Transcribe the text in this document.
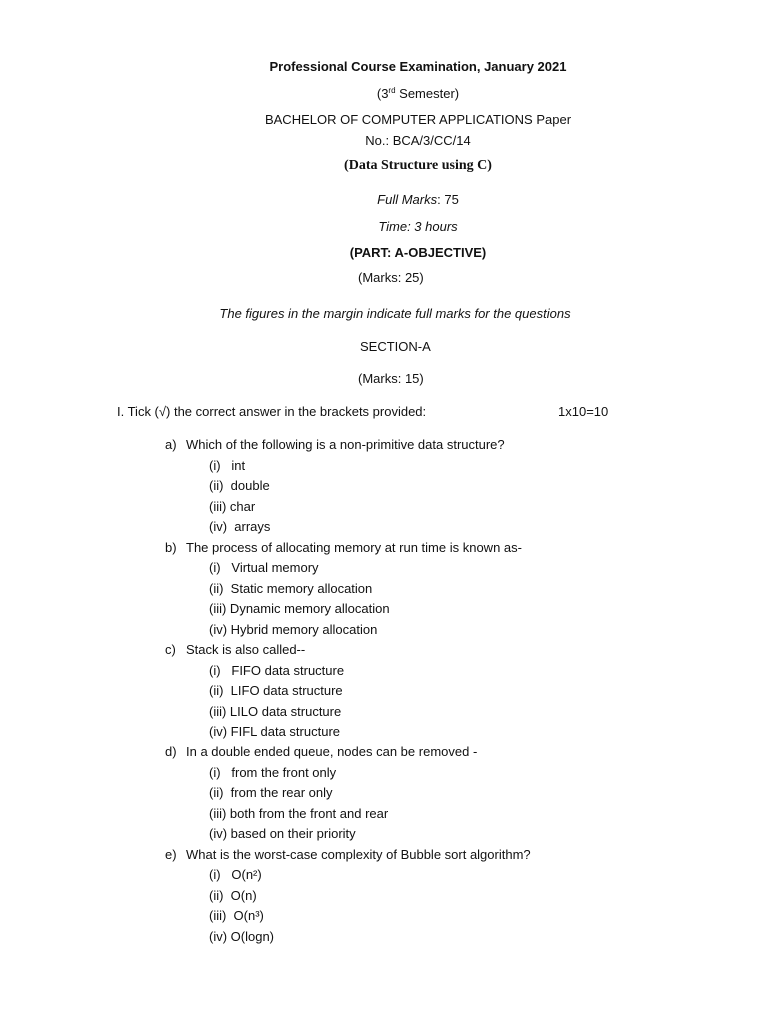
Professional Course Examination, January 2021
(3rd Semester)
BACHELOR OF COMPUTER APPLICATIONS Paper
No.: BCA/3/CC/14
(Data Structure using C)
Full Marks: 75
Time: 3 hours
(PART: A-OBJECTIVE)
(Marks: 25)
The figures in the margin indicate full marks for the questions
SECTION-A
(Marks: 15)
I. Tick (√) the correct answer in the brackets provided:	1x10=10
a) Which of the following is a non-primitive data structure?
(i)   int
(ii)  double
(iii) char
(iv)  arrays
b) The process of allocating memory at run time is known as-
(i)   Virtual memory
(ii)  Static memory allocation
(iii) Dynamic memory allocation
(iv) Hybrid memory allocation
c) Stack is also called--
(i)   FIFO data structure
(ii)  LIFO data structure
(iii) LILO data structure
(iv) FIFL data structure
d) In a double ended queue, nodes can be removed -
(i)   from the front only
(ii)  from the rear only
(iii) both from the front and rear
(iv) based on their priority
e) What is the worst-case complexity of Bubble sort algorithm?
(i)   O(n²)
(ii)  O(n)
(iii)  O(n³)
(iv) O(logn)
